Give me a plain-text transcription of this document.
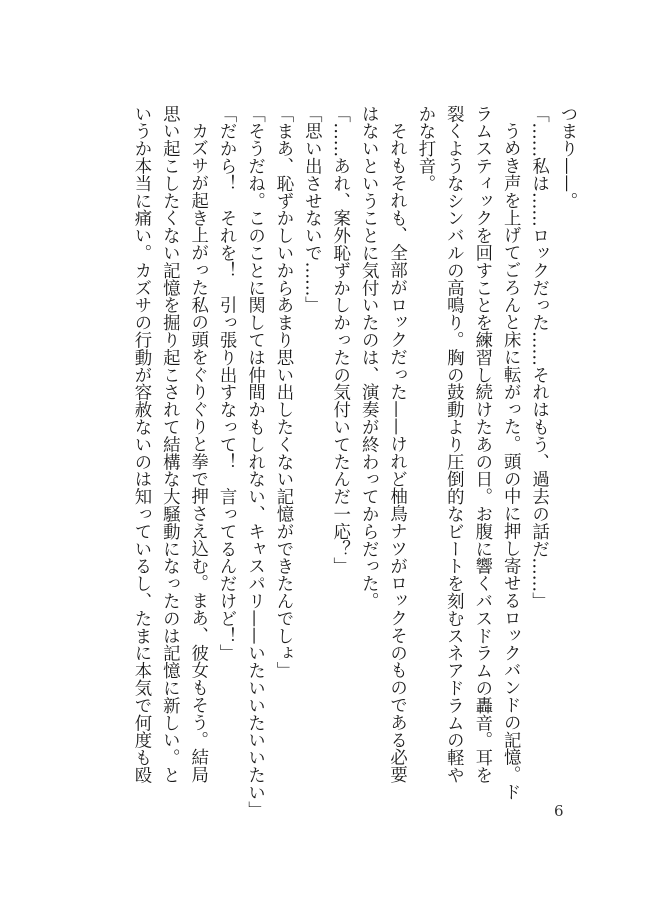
つまり——。
「……私は……ロックだった……それはもう、過去の話だ……」
うめき声を上げてごろんと床に転がった。頭の中に押し寄せるロックバンドの記憶。ド
ラムスティックを回すことを練習し続けたあの日。お腹に響くバスドラムの轟音。耳を
裂くようなシンバルの高鳴り。胸の鼓動より圧倒的なビートを刻むスネアドラムの軽や
かな打音。
それもそれも、全部がロックだった——けれど柚鳥ナツがロックそのものである必要
はないということに気付いたのは、演奏が終わってからだった。
「……あれ、案外恥ずかしかったの気付いてたんだ一応？」
「思い出させないで……」
「まあ、恥ずかしいからあまり思い出したくない記憶ができたんでしょ」
「そうだね。このことに関しては仲間かもしれない、キャスパリ——いたいいたいいたい」
「だから！　それを！　引っ張り出すなって！　言ってるんだけど！」
カズサが起き上がった私の頭をぐりぐりと拳で押さえ込む。まあ、彼女もそう。結局
思い起こしたくない記憶を掘り起こされて結構な大騒動になったのは記憶に新しい。と
いうか本当に痛い。カズサの行動が容赦ないのは知っているし、たまに本気で何度も殴
6
